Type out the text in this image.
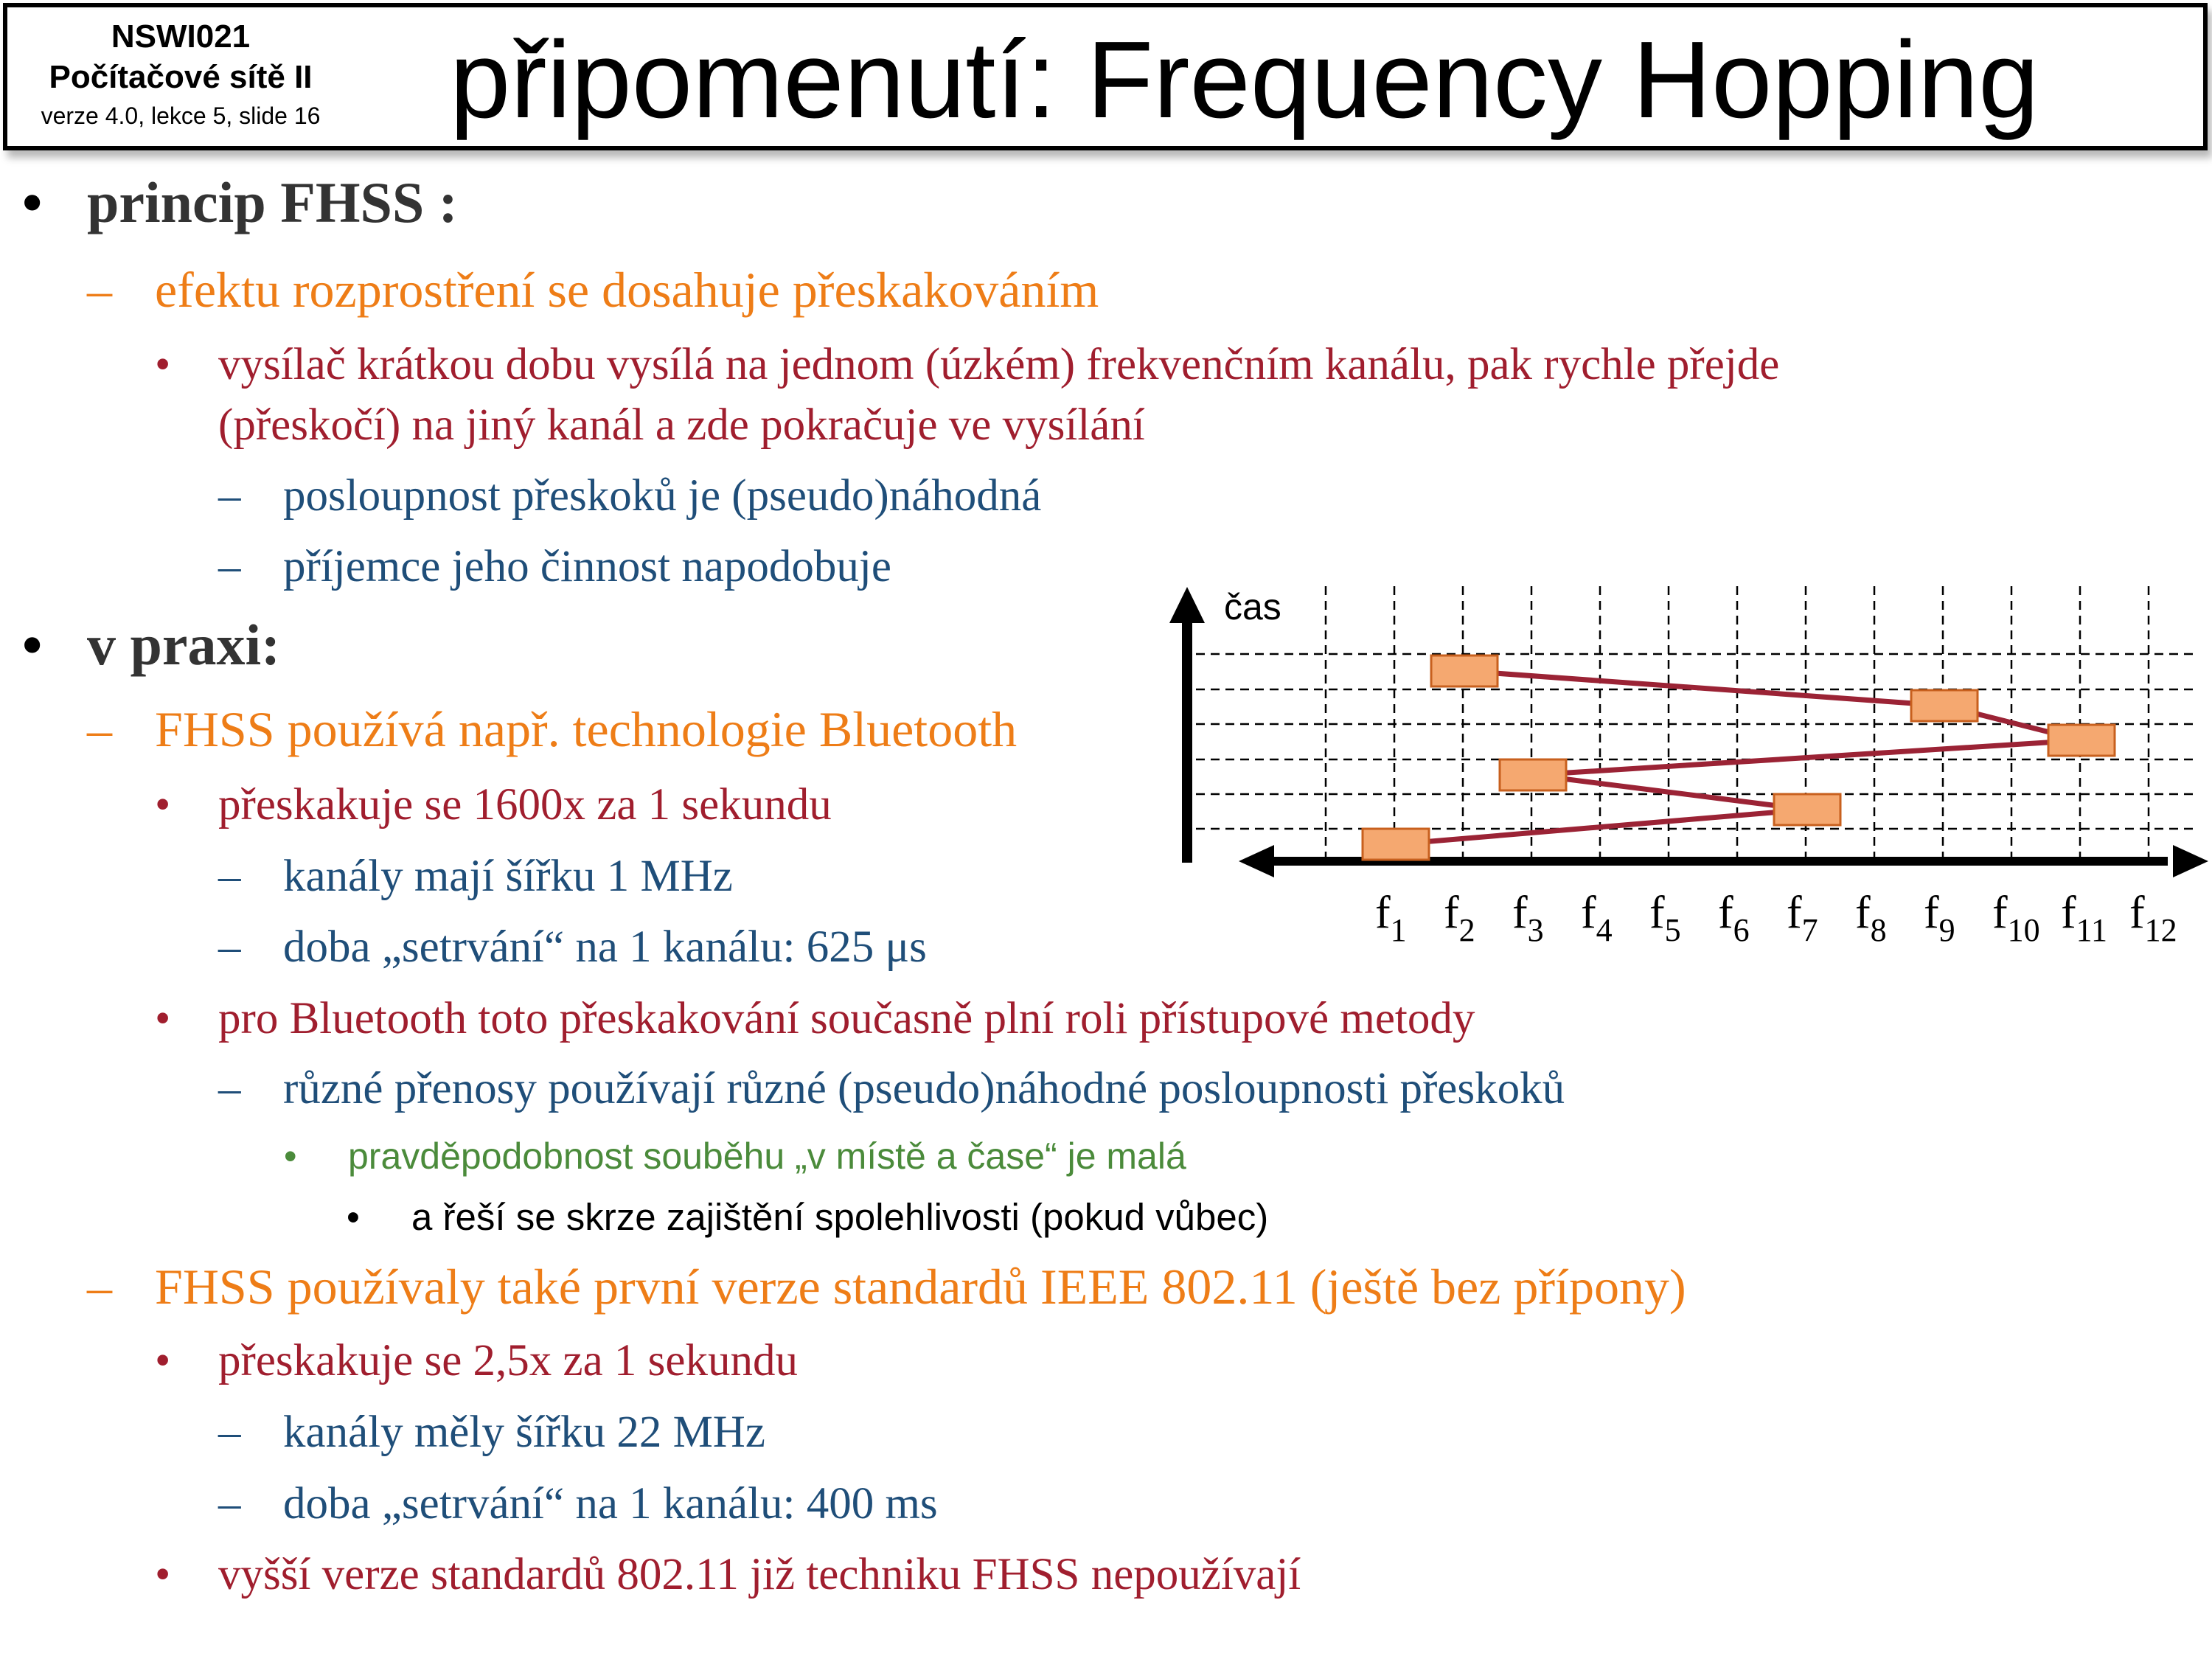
NSWI021
Počítačové sítě II
verze 4.0, lekce 5, slide 16 připomenutí: Frequency Hopping
• princip FHSS :
– efektu rozprostření se dosahuje přeskakováním
• vysílač krátkou dobu vysílá na jednom (úzkém) frekvenčním kanálu, pak rychle přejde
(přeskočí) na jiný kanál a zde pokračuje ve vysílání
– posloupnost přeskoků je (pseudo)náhodná
– příjemce jeho činnost napodobuje
• v praxi:
– FHSS používá např. technologie Bluetooth
• přeskakuje se 1600x za 1 sekundu
– kanály mají šířku 1 MHz
– doba „setrvání“ na 1 kanálu: 625 μs
• pro Bluetooth toto přeskakování současně plní roli přístupové metody
– různé přenosy používají různé (pseudo)náhodné posloupnosti přeskoků
• pravděpodobnost souběhu „v místě a čase“ je malá
• a řeší se skrze zajištění spolehlivosti (pokud vůbec)
– FHSS používaly také první verze standardů IEEE 802.11 (ještě bez přípony)
• přeskakuje se 2,5x za 1 sekundu
– kanály měly šířku 22 MHz
– doba „setrvání“ na 1 kanálu: 400 ms
• vyšší verze standardů 802.11 již techniku FHSS nepoužívají
čas
$f_1$ $f_2$ $f_3$ $f_4$ $f_5$ $f_6$ $f_7$ $f_8$ $f_9$ $f_{10}$ $f_{11}$ $f_{12}$
